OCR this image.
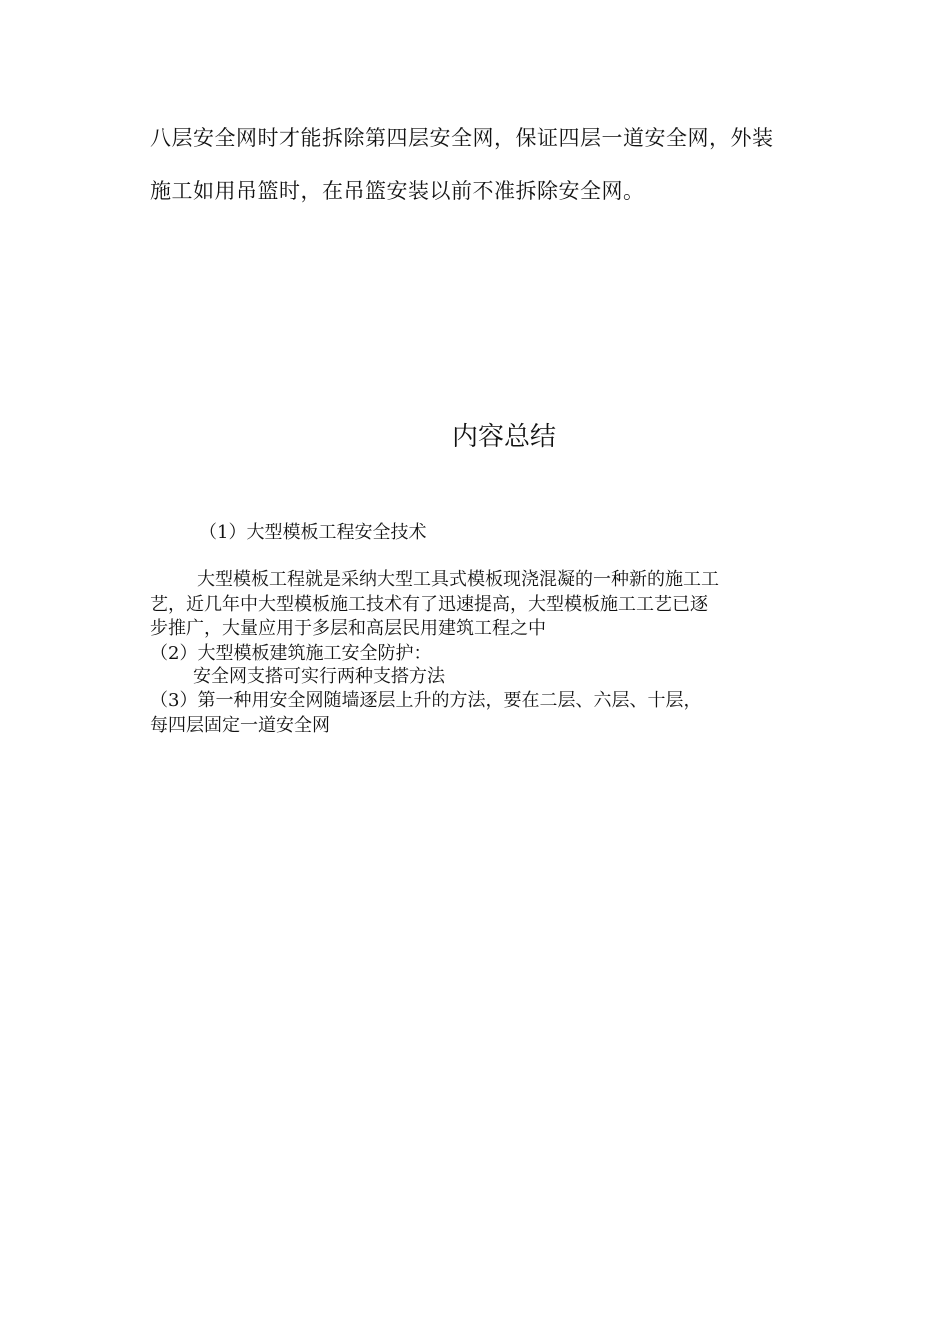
八层安全网时才能拆除第四层安全网，保证四层一道安全网，外装
施工如用吊篮时，在吊篮安装以前不准拆除安全网。
内容总结
（1）大型模板工程安全技术
大型模板工程就是采纳大型工具式模板现浇混凝的一种新的施工工
艺，近几年中大型模板施工技术有了迅速提高，大型模板施工工艺已逐
步推广，大量应用于多层和高层民用建筑工程之中
（2）大型模板建筑施工安全防护：
安全网支搭可实行两种支搭方法
（3）第一种用安全网随墙逐层上升的方法，要在二层、六层、十层，
每四层固定一道安全网
